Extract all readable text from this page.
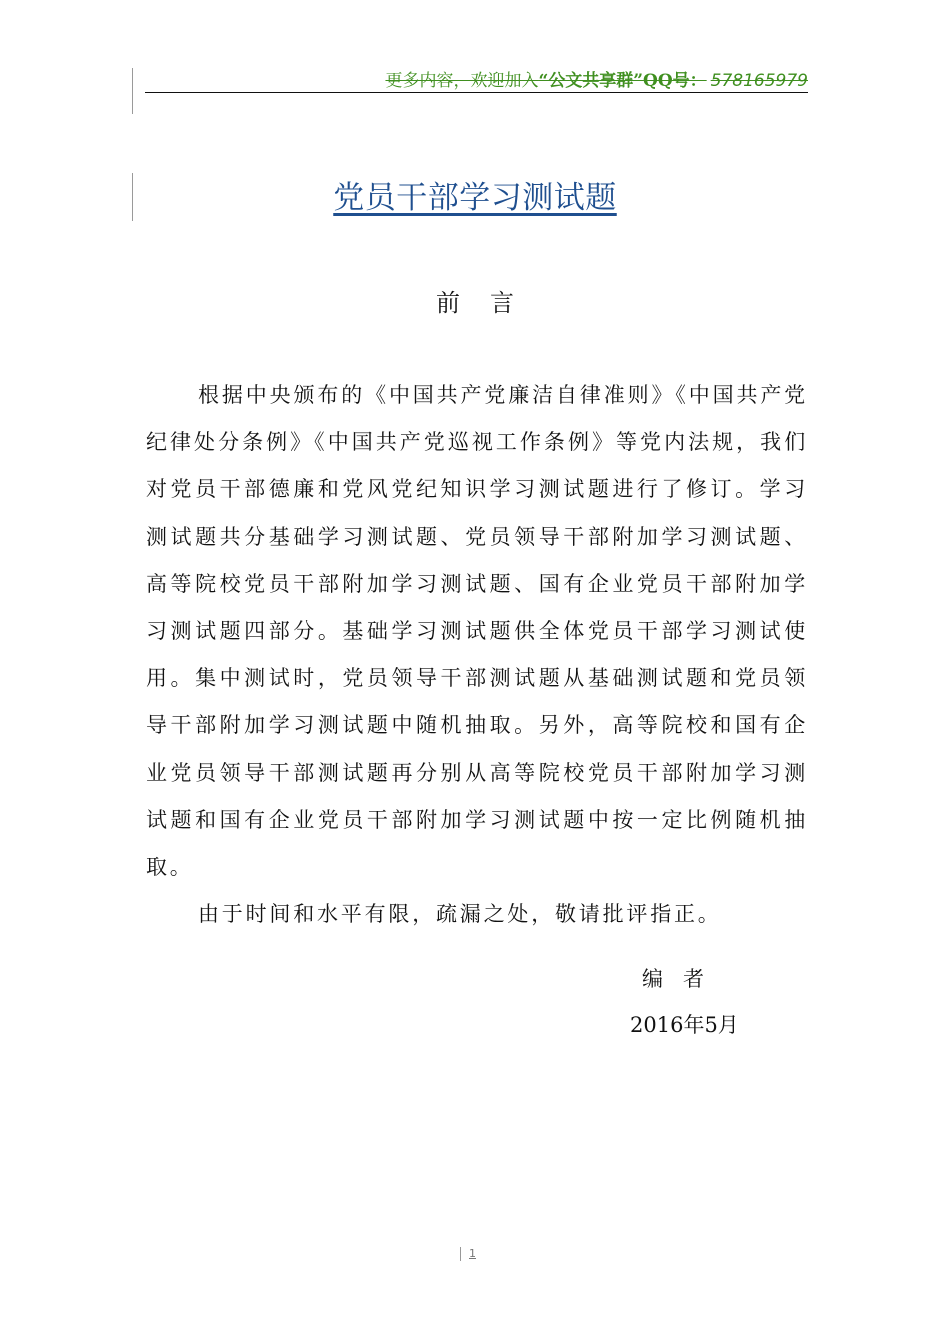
更多内容，欢迎加入“公文共享群”QQ号： 578165979
党员干部学习测试题
前言

根据中央颁布的《中国共产党廉洁自律准则》《中国共产党纪律处分条例》《中国共产党巡视工作条例》等党内法规，我们对党员干部德廉和党风党纪知识学习测试题进行了修订。学习测试题共分基础学习测试题、党员领导干部附加学习测试题、高等院校党员干部附加学习测试题、国有企业党员干部附加学习测试题四部分。基础学习测试题供全体党员干部学习测试使用。集中测试时，党员领导干部测试题从基础测试题和党员领导干部附加学习测试题中随机抽取。另外，高等院校和国有企业党员领导干部测试题再分别从高等院校党员干部附加学习测试题和国有企业党员干部附加学习测试题中按一定比例随机抽取。

由于时间和水平有限，疏漏之处，敬请批评指正。

编者
2016年5月
1
